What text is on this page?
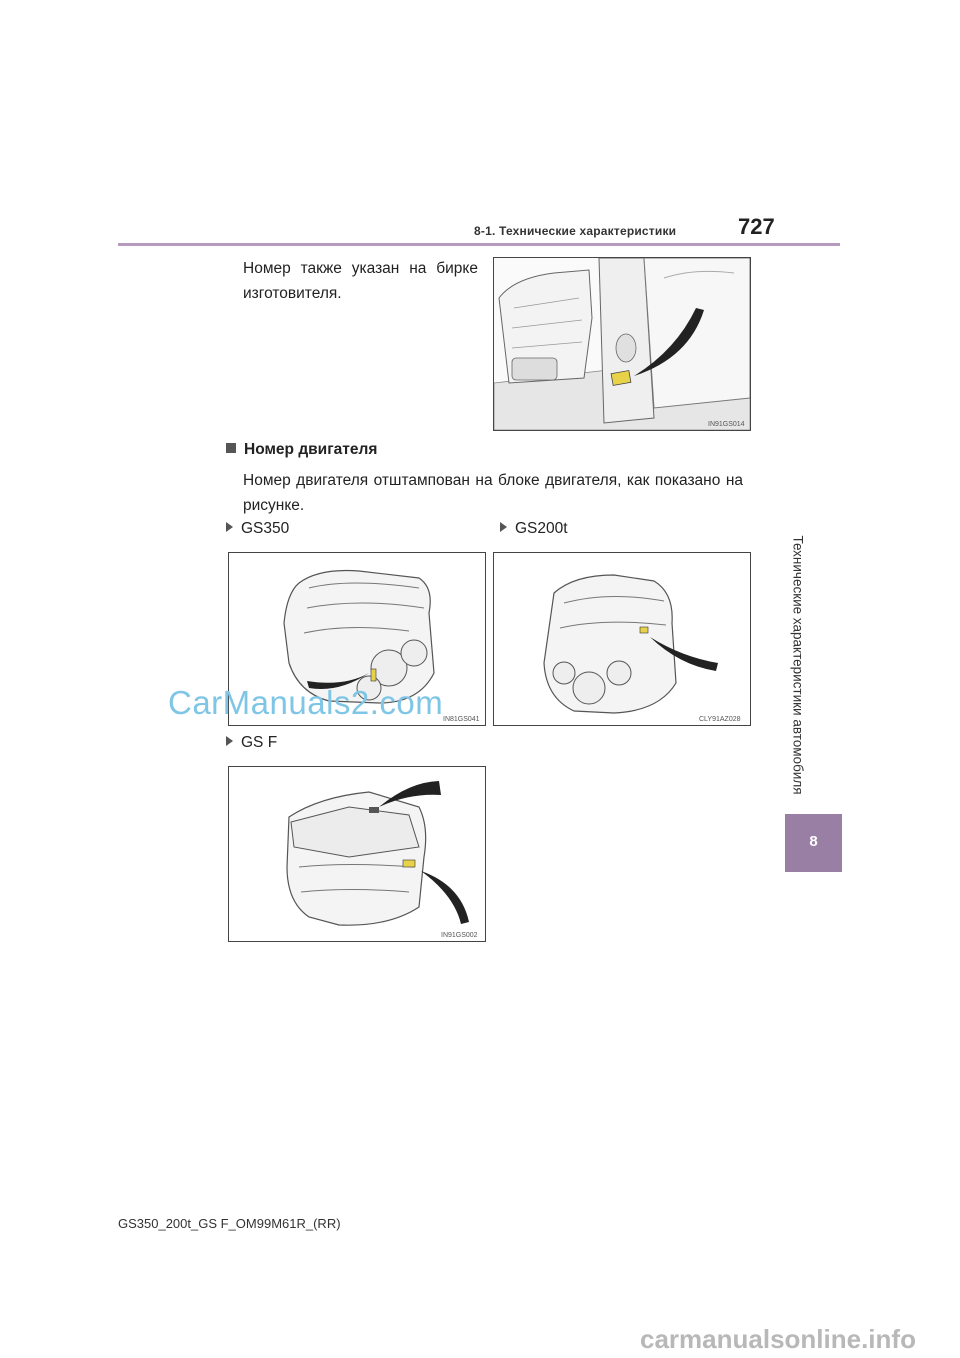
8-1. Технические характеристики	727
Номер также указан на бирке изготовителя.
IN91GS014
Номер двигателя
Номер двигателя отштампован на блоке двигателя, как показано на рисунке.
GS350	GS200t
IN81GS041	CLY91AZ028
GS F
IN91GS002
Технические характеристики автомобиля
8
CarManuals2.com
GS350_200t_GS F_OM99M61R_(RR)
carmanualsonline.info
